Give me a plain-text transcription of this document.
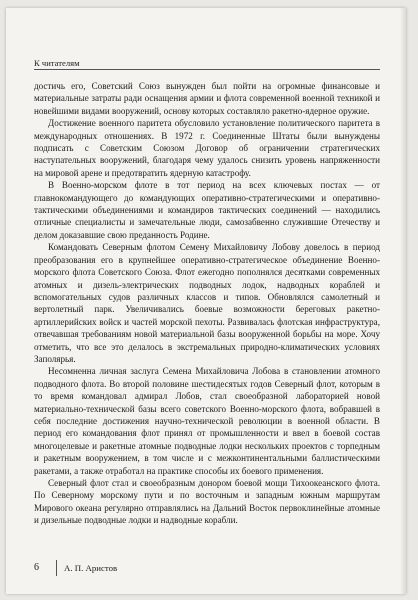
К читателям

достичь его, Советский Союз вынужден был пойти на огромные финансовые и материальные затраты ради оснащения армии и флота современной военной техникой и новейшими видами вооружений, основу которых составляло ракетно-ядерное оружие.

Достижение военного паритета обусловило установление политического паритета в международных отношениях. В 1972 г. Соединенные Штаты были вынуждены подписать с Советским Союзом Договор об ограничении стратегических наступательных вооружений, благодаря чему удалось снизить уровень напряженности на мировой арене и предотвратить ядерную катастрофу.

В Военно-морском флоте в тот период на всех ключевых постах — от главнокомандующего до командующих оперативно-стратегическими и оперативно-тактическими объединениями и командиров тактических соединений — находились отличные специалисты и замечательные люди, самозабвенно служившие Отечеству и делом доказавшие свою преданность Родине.

Командовать Северным флотом Семену Михайловичу Лобову довелось в период преобразования его в крупнейшее оперативно-стратегическое объединение Военно-морского флота Советского Союза. Флот ежегодно пополнялся десятками современных атомных и дизель-электрических подводных лодок, надводных кораблей и вспомогательных судов различных классов и типов. Обновлялся самолетный и вертолетный парк. Увеличивались боевые возможности береговых ракетно-артиллерийских войск и частей морской пехоты. Развивалась флотская инфраструктура, отвечавшая требованиям новой материальной базы вооруженной борьбы на море. Хочу отметить, что все это делалось в экстремальных природно-климатических условиях Заполярья.

Несомненна личная заслуга Семена Михайловича Лобова в становлении атомного подводного флота. Во второй половине шестидесятых годов Северный флот, которым в то время командовал адмирал Лобов, стал своеобразной лабораторией новой материально-технической базы всего советского Военно-морского флота, вобравшей в себя последние достижения научно-технической революции в военной области. В период его командования флот принял от промышленности и ввел в боевой состав многоцелевые и ракетные атомные подводные лодки нескольких проектов с торпедным и ракетным вооружением, в том числе и с межконтинентальными баллистическими ракетами, а также отработал на практике способы их боевого применения.

Северный флот стал и своеобразным донором боевой мощи Тихоокеанского флота. По Северному морскому пути и по восточным и западным южным маршрутам Мирового океана регулярно отправлялись на Дальний Восток первоклинейные атомные и дизельные подводные лодки и надводные корабли.

6	А. П. Аристов
